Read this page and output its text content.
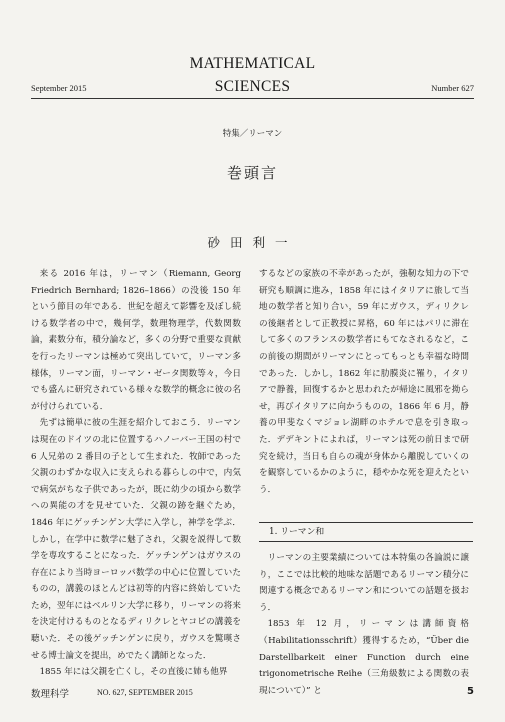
September 2015
MATHEMATICAL
SCIENCES	Number 627
特集／リーマン
巻頭言
砂田利一

来る 2016 年は，リーマン（Riemann, Georg Friedrich Bernhard; 1826–1866）の没後 150 年という節目の年である．世紀を超えて影響を及ぼし続ける数学者の中で，幾何学，数理物理学，代数関数論，素数分布，積分論など，多くの分野で重要な貢献を行ったリーマンは極めて突出していて，リーマン多様体，リーマン面，リーマン・ゼータ関数等々，今日でも盛んに研究されている様々な数学的概念に彼の名が付けられている．

先ずは簡単に彼の生涯を紹介しておこう．リーマンは現在のドイツの北に位置するハノーバー王国の村で 6 人兄弟の 2 番目の子として生まれた．牧師であった父親のわずかな収入に支えられる暮らしの中で，内気で病気がちな子供であったが，既に幼少の頃から数学への異能の才を見せていた．父親の跡を継ぐため，1846 年にゲッチンゲン大学に入学し，神学を学ぶ．しかし，在学中に数学に魅了され，父親を説得して数学を専攻することになった．ゲッチンゲンはガウスの存在により当時ヨーロッパ数学の中心に位置していたものの，講義のほとんどは初等的内容に終始していたため，翌年にはベルリン大学に移り，リーマンの将来を決定付けるものとなるディリクレとヤコビの講義を聴いた．その後ゲッチンゲンに戻り，ガウスを驚嘆させる博士論文を提出，めでたく講師となった．

1855 年には父親を亡くし，その直後に姉も他界

するなどの家族の不幸があったが，強靭な知力の下で研究も順調に進み，1858 年にはイタリアに旅して当地の数学者と知り合い，59 年にガウス，ディリクレの後継者として正教授に昇格，60 年にはパリに滞在して多くのフランスの数学者にもてなされるなど，この前後の期間がリーマンにとってもっとも幸福な時間であった．しかし，1862 年に肋膜炎に罹り，イタリアで静養，回復するかと思われたが帰途に風邪を拗らせ，再びイタリアに向かうものの，1866 年 6 月，静養の甲斐なくマジョレ湖畔のホテルで息を引き取った．デデキントによれば，リーマンは死の前日まで研究を続け，当日も自らの魂が身体から離脱していくのを観察しているかのように，穏やかな死を迎えたという．

1. リーマン和

リーマンの主要業績については本特集の各論説に譲り，ここでは比較的地味な話題であるリーマン積分に関連する概念であるリーマン和についての話題を扱おう．

1853 年 12 月，リーマンは講師資格（Habilitationsschrift）獲得するため，“Über die Darstellbarkeit einer Function durch eine trigonometrische Reihe（三角級数による関数の表現について）” と

数理科学	NO. 627, SEPTEMBER 2015	5
